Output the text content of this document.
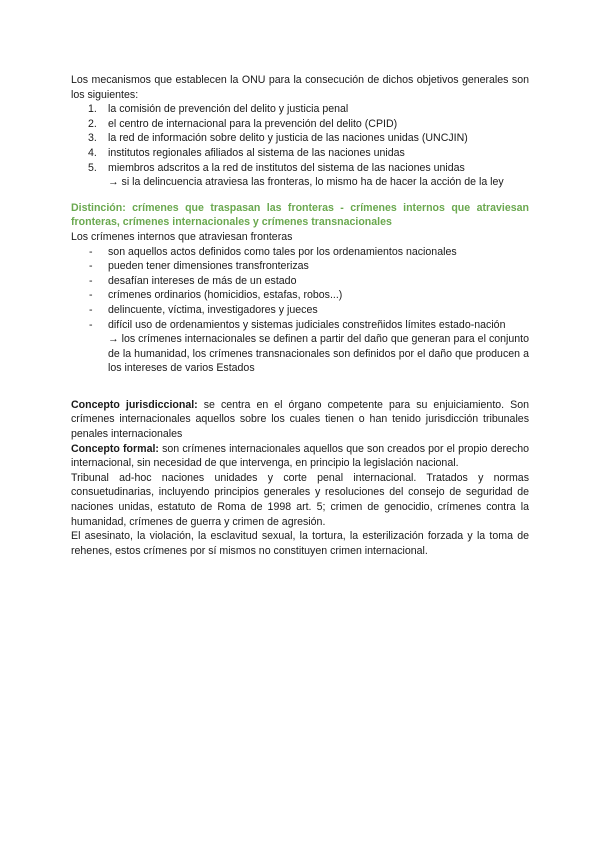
Los mecanismos que establecen la ONU para la consecución de dichos objetivos generales son los siguientes:

1. la comisión de prevención del delito y justicia penal
2. el centro de internacional para la prevención del delito (CPID)
3. la red de información sobre delito y justicia de las naciones unidas (UNCJIN)
4. institutos regionales afiliados al sistema de las naciones unidas
5. miembros adscritos a la red de institutos del sistema de las naciones unidas

→ si la delincuencia atraviesa las fronteras, lo mismo ha de hacer la acción de la ley

Distinción: crímenes que traspasan las fronteras - crímenes internos que atraviesan fronteras, crímenes internacionales y crímenes transnacionales

Los crímenes internos que atraviesan fronteras

- son aquellos actos definidos como tales por los ordenamientos nacionales
- pueden tener dimensiones transfronterizas
- desafían intereses de más de un estado
- crímenes ordinarios (homicidios, estafas, robos...)
- delincuente, víctima, investigadores y jueces
- difícil uso de ordenamientos y sistemas judiciales constreñidos límites estado-nación

→ los crímenes internacionales se definen a partir del daño que generan para el conjunto de la humanidad, los crímenes transnacionales son definidos por el daño que producen a los intereses de varios Estados

Concepto jurisdiccional: se centra en el órgano competente para su enjuiciamiento. Son crímenes internacionales aquellos sobre los cuales tienen o han tenido jurisdicción tribunales penales internacionales

Concepto formal: son crímenes internacionales aquellos que son creados por el propio derecho internacional, sin necesidad de que intervenga, en principio la legislación nacional.

Tribunal ad-hoc naciones unidades y corte penal internacional. Tratados y normas consuetudinarias, incluyendo principios generales y resoluciones del consejo de seguridad de naciones unidas, estatuto de Roma de 1998 art. 5; crimen de genocidio, crímenes contra la humanidad, crímenes de guerra y crimen de agresión.

El asesinato, la violación, la esclavitud sexual, la tortura, la esterilización forzada y la toma de rehenes, estos crímenes por sí mismos no constituyen crimen internacional.
